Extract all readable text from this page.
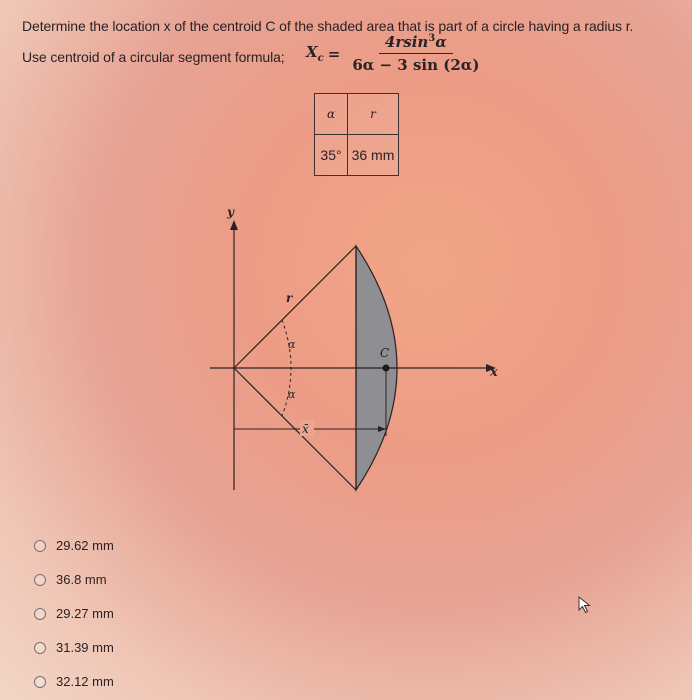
Determine the location x of the centroid C of the shaded area that is part of a circle having a radius r.
Use centroid of a circular segment formula; $X_c = \frac{4rsin^3\alpha}{6\alpha - 3 \sin (2\alpha)}$
α	r
35°	36 mm
y
x
r
α
α
C
x̄
29.62 mm
36.8 mm
29.27 mm
31.39 mm
32.12 mm
